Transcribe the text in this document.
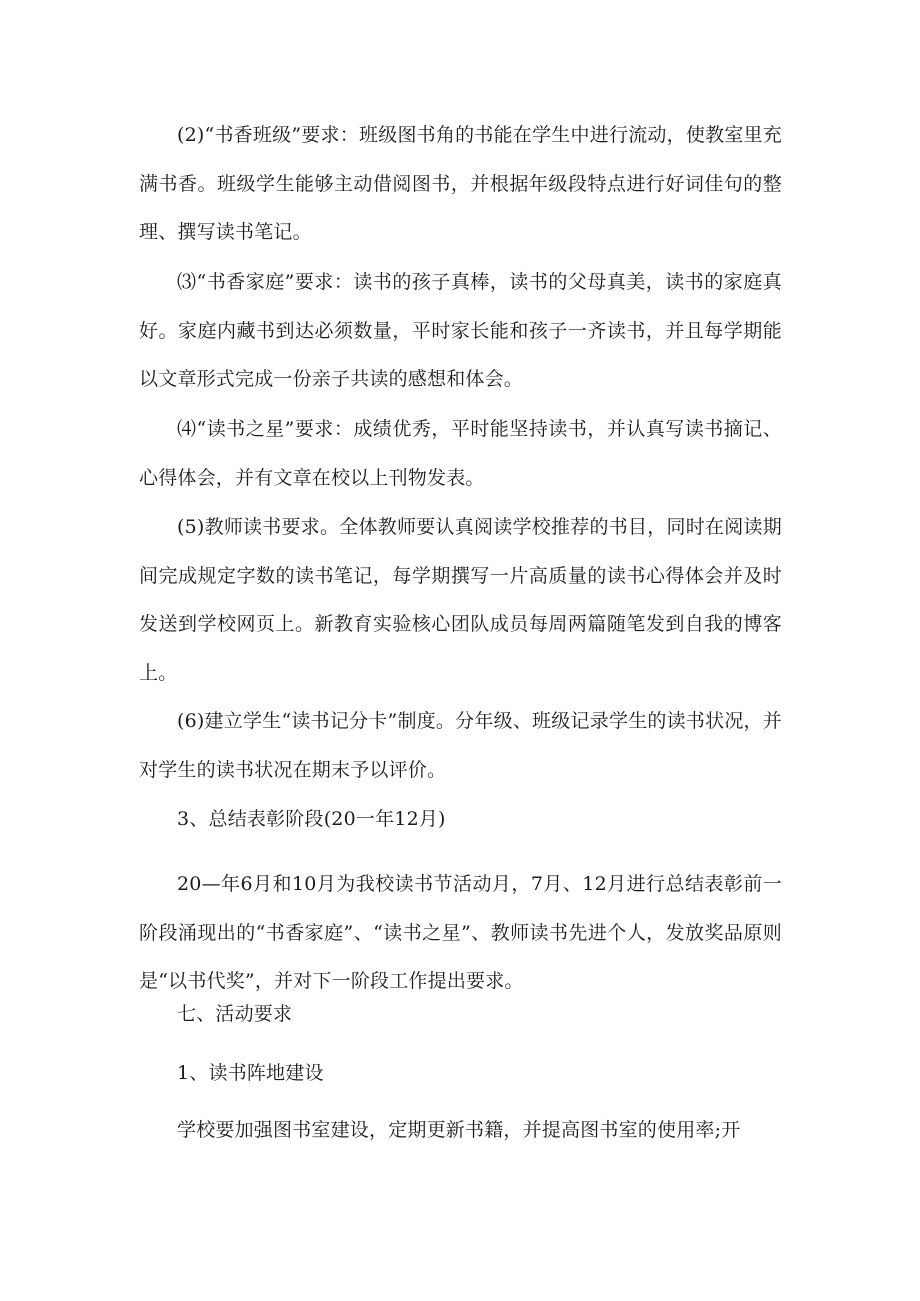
(2)“书香班级”要求：班级图书角的书能在学生中进行流动，使教室里充满书香。班级学生能够主动借阅图书，并根据年级段特点进行好词佳句的整理、撰写读书笔记。

⑶“书香家庭”要求：读书的孩子真棒，读书的父母真美，读书的家庭真好。家庭内藏书到达必须数量，平时家长能和孩子一齐读书，并且每学期能以文章形式完成一份亲子共读的感想和体会。

⑷“读书之星”要求：成绩优秀，平时能坚持读书，并认真写读书摘记、心得体会，并有文章在校以上刊物发表。

(5)教师读书要求。全体教师要认真阅读学校推荐的书目，同时在阅读期间完成规定字数的读书笔记，每学期撰写一片高质量的读书心得体会并及时发送到学校网页上。新教育实验核心团队成员每周两篇随笔发到自我的博客上。

(6)建立学生“读书记分卡”制度。分年级、班级记录学生的读书状况，并对学生的读书状况在期末予以评价。

3、总结表彰阶段(20一年12月)

20—年6月和10月为我校读书节活动月，7月、12月进行总结表彰前一阶段涌现出的“书香家庭”、“读书之星”、教师读书先进个人，发放奖品原则是“以书代奖”，并对下一阶段工作提出要求。

七、活动要求

1、读书阵地建设

学校要加强图书室建设，定期更新书籍，并提高图书室的使用率;开
